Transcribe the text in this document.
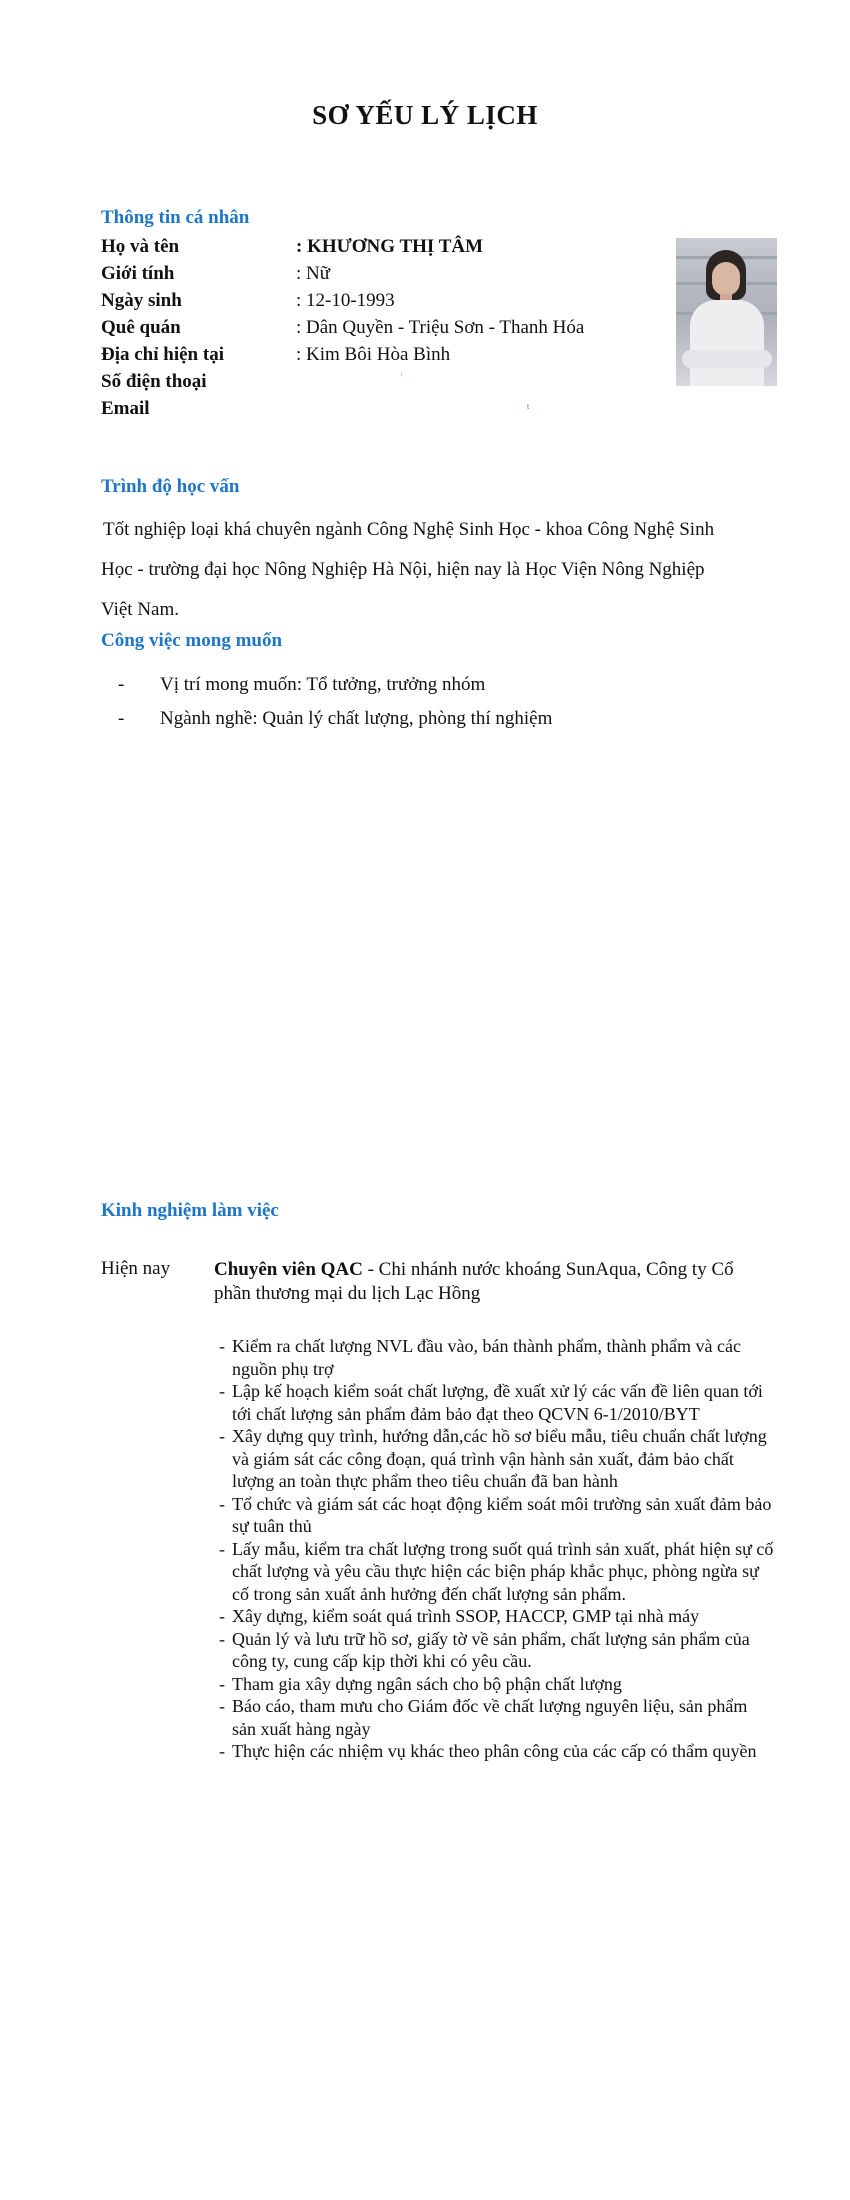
SƠ YẾU LÝ LỊCH
Thông tin cá nhân
Họ và tên	: KHƯƠNG THỊ TÂM
Giới tính	: Nữ
Ngày sinh	: 12-10-1993
Quê quán	: Dân Quyền - Triệu Sơn - Thanh Hóa
Địa chỉ hiện tại	: Kim Bôi Hòa Bình
Số điện thoại
Email
'
t
Trình độ học vấn
Tốt nghiệp loại khá chuyên ngành Công Nghệ Sinh Học - khoa Công Nghệ Sinh Học - trường đại học Nông Nghiệp Hà Nội, hiện nay là Học Viện Nông Nghiệp Việt Nam.
Công việc mong muốn
- Vị trí mong muốn: Tổ tưởng, trưởng nhóm
- Ngành nghề: Quản lý chất lượng, phòng thí nghiệm
Kinh nghiệm làm việc
Hiện nay Chuyên viên QAC - Chi nhánh nước khoáng SunAqua, Công ty Cổ phần thương mại du lịch Lạc Hồng
- Kiểm ra chất lượng NVL đầu vào, bán thành phẩm, thành phẩm và các nguồn phụ trợ
- Lập kế hoạch kiểm soát chất lượng, đề xuất xử lý các vấn đề liên quan tới tới chất lượng sản phẩm đảm bảo đạt theo QCVN 6-1/2010/BYT
- Xây dựng quy trình, hướng dẫn,các hồ sơ biểu mẫu, tiêu chuẩn chất lượng và giám sát các công đoạn, quá trình vận hành sản xuất, đảm bảo chất lượng an toàn thực phẩm theo tiêu chuẩn đã ban hành
- Tổ chức và giám sát các hoạt động kiểm soát môi trường sản xuất đảm bảo sự tuân thủ
- Lấy mẫu, kiểm tra chất lượng trong suốt quá trình sản xuất, phát hiện sự cố chất lượng và yêu cầu thực hiện các biện pháp khắc phục, phòng ngừa sự cố trong sản xuất ảnh hưởng đến chất lượng sản phẩm.
- Xây dựng, kiểm soát quá trình SSOP, HACCP, GMP tại nhà máy
- Quản lý và lưu trữ hồ sơ, giấy tờ về sản phẩm, chất lượng sản phẩm của công ty, cung cấp kịp thời khi có yêu cầu.
- Tham gia xây dựng ngân sách cho bộ phận chất lượng
- Báo cáo, tham mưu cho Giám đốc về chất lượng nguyên liệu, sản phẩm sản xuất hàng ngày
- Thực hiện các nhiệm vụ khác theo phân công của các cấp có thẩm quyền
